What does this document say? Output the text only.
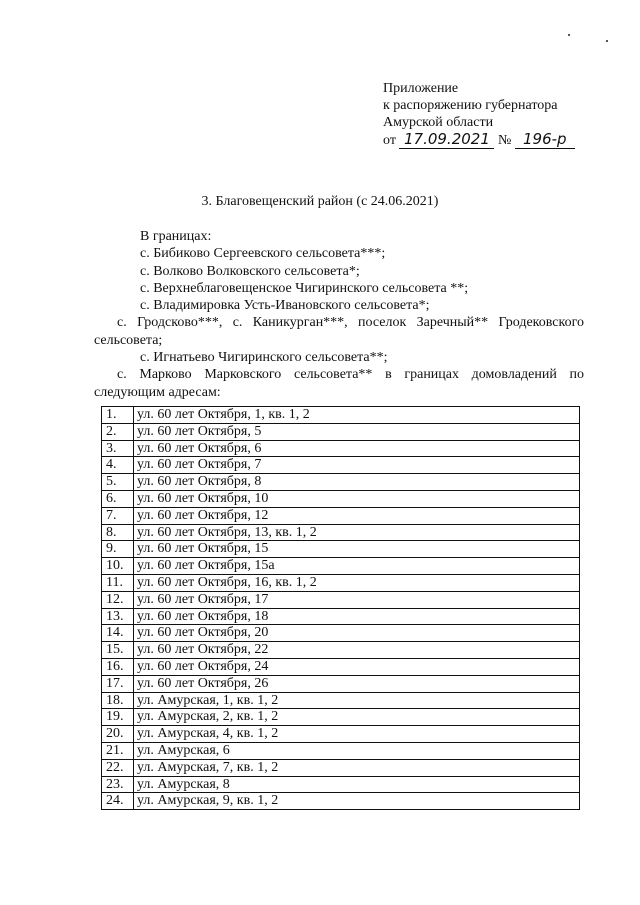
Приложение
к распоряжению губернатора
Амурской области
от 17.09.2021 № 196-р
3. Благовещенский район (с 24.06.2021)

В границах:

с. Бибиково Сергеевского сельсовета***;

с. Волково Волковского сельсовета*;

с. Верхнеблаговещенское Чигиринского сельсовета **;

с. Владимировка Усть-Ивановского сельсовета*;

с. Гродсково***, с. Каникурган***, поселок Заречный** Гродековского сельсовета;

с. Игнатьево Чигиринского сельсовета**;

с. Марково Марковского сельсовета** в границах домовладений по следующим адресам:

1.	ул. 60 лет Октября, 1, кв. 1, 2
2.	ул. 60 лет Октября, 5
3.	ул. 60 лет Октября, 6
4.	ул. 60 лет Октября, 7
5.	ул. 60 лет Октября, 8
6.	ул. 60 лет Октября, 10
7.	ул. 60 лет Октября, 12
8.	ул. 60 лет Октября, 13, кв. 1, 2
9.	ул. 60 лет Октября, 15
10.	ул. 60 лет Октября, 15а
11.	ул. 60 лет Октября, 16, кв. 1, 2
12.	ул. 60 лет Октября, 17
13.	ул. 60 лет Октября, 18
14.	ул. 60 лет Октября, 20
15.	ул. 60 лет Октября, 22
16.	ул. 60 лет Октября, 24
17.	ул. 60 лет Октября, 26
18.	ул. Амурская, 1, кв. 1, 2
19.	ул. Амурская, 2, кв. 1, 2
20.	ул. Амурская, 4, кв. 1, 2
21.	ул. Амурская, 6
22.	ул. Амурская, 7, кв. 1, 2
23.	ул. Амурская, 8
24.	ул. Амурская, 9, кв. 1, 2
